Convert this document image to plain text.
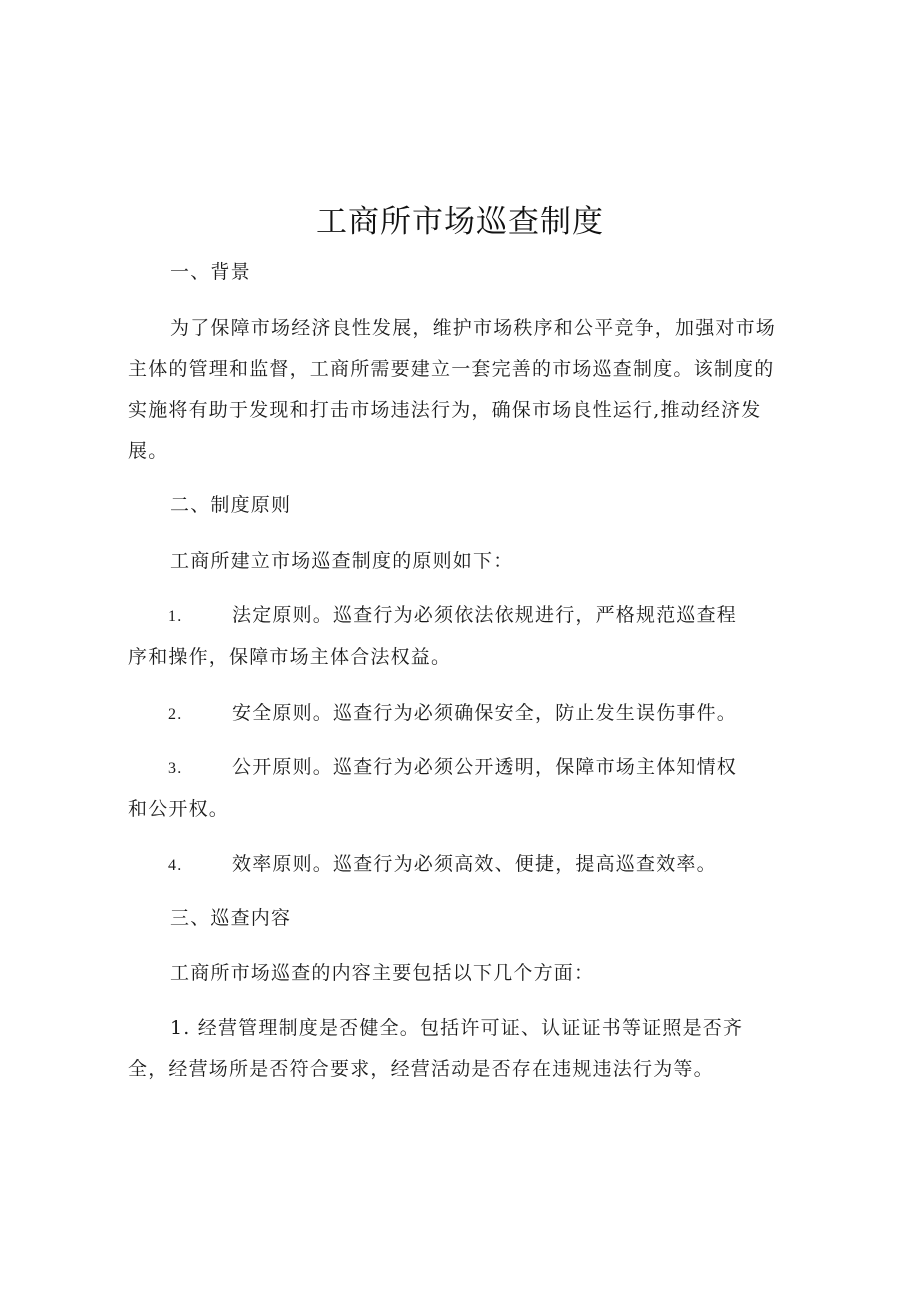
工商所市场巡查制度

一、背景

为了保障市场经济良性发展，维护市场秩序和公平竞争，加强对市场主体的管理和监督，工商所需要建立一套完善的市场巡查制度。该制度的实施将有助于发现和打击市场违法行为，确保市场良性运行,推动经济发展。

二、制度原则

工商所建立市场巡查制度的原则如下：

1.	法定原则。巡查行为必须依法依规进行，严格规范巡查程
序和操作，保障市场主体合法权益。
2.	安全原则。巡查行为必须确保安全，防止发生误伤事件。
3.	公开原则。巡查行为必须公开透明，保障市场主体知情权
和公开权。
4.	效率原则。巡查行为必须高效、便捷，提高巡查效率。

三、巡查内容

工商所市场巡查的内容主要包括以下几个方面：

1. 经营管理制度是否健全。包括许可证、认证证书等证照是否齐全，经营场所是否符合要求，经营活动是否存在违规违法行为等。
